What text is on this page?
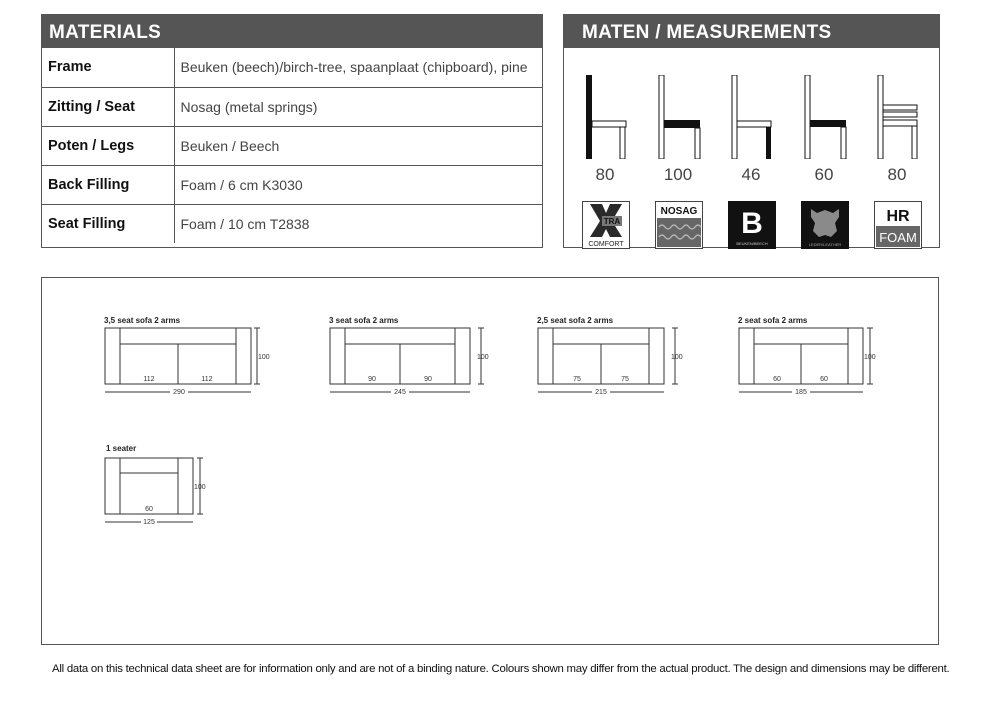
MATERIALS
Frame	Beuken (beech)/birch-tree, spaanplaat (chipboard), pine
Zitting / Seat	Nosag (metal springs)
Poten / Legs	Beuken / Beech
Back Filling	Foam / 6 cm K3030
Seat Filling	Foam / 10 cm T2838
MATEN / MEASUREMENTS
80	100	46	60	80
TRA
COMFORT
NOSAG B
BEUKEN/BEECH	LEDER/LEATHER
HR
FOAM
3,5 seat sofa 2 arms
112	112
100
290
3 seat sofa 2 arms
90	90
100
245
2,5 seat sofa 2 arms
75	75
100
215
2 seat sofa 2 arms
60	60
100
185
1 seater
60
100
125
All data on this technical data sheet are for information only and are not of a binding nature. Colours shown may differ from the actual product. The design and dimensions may be different.
